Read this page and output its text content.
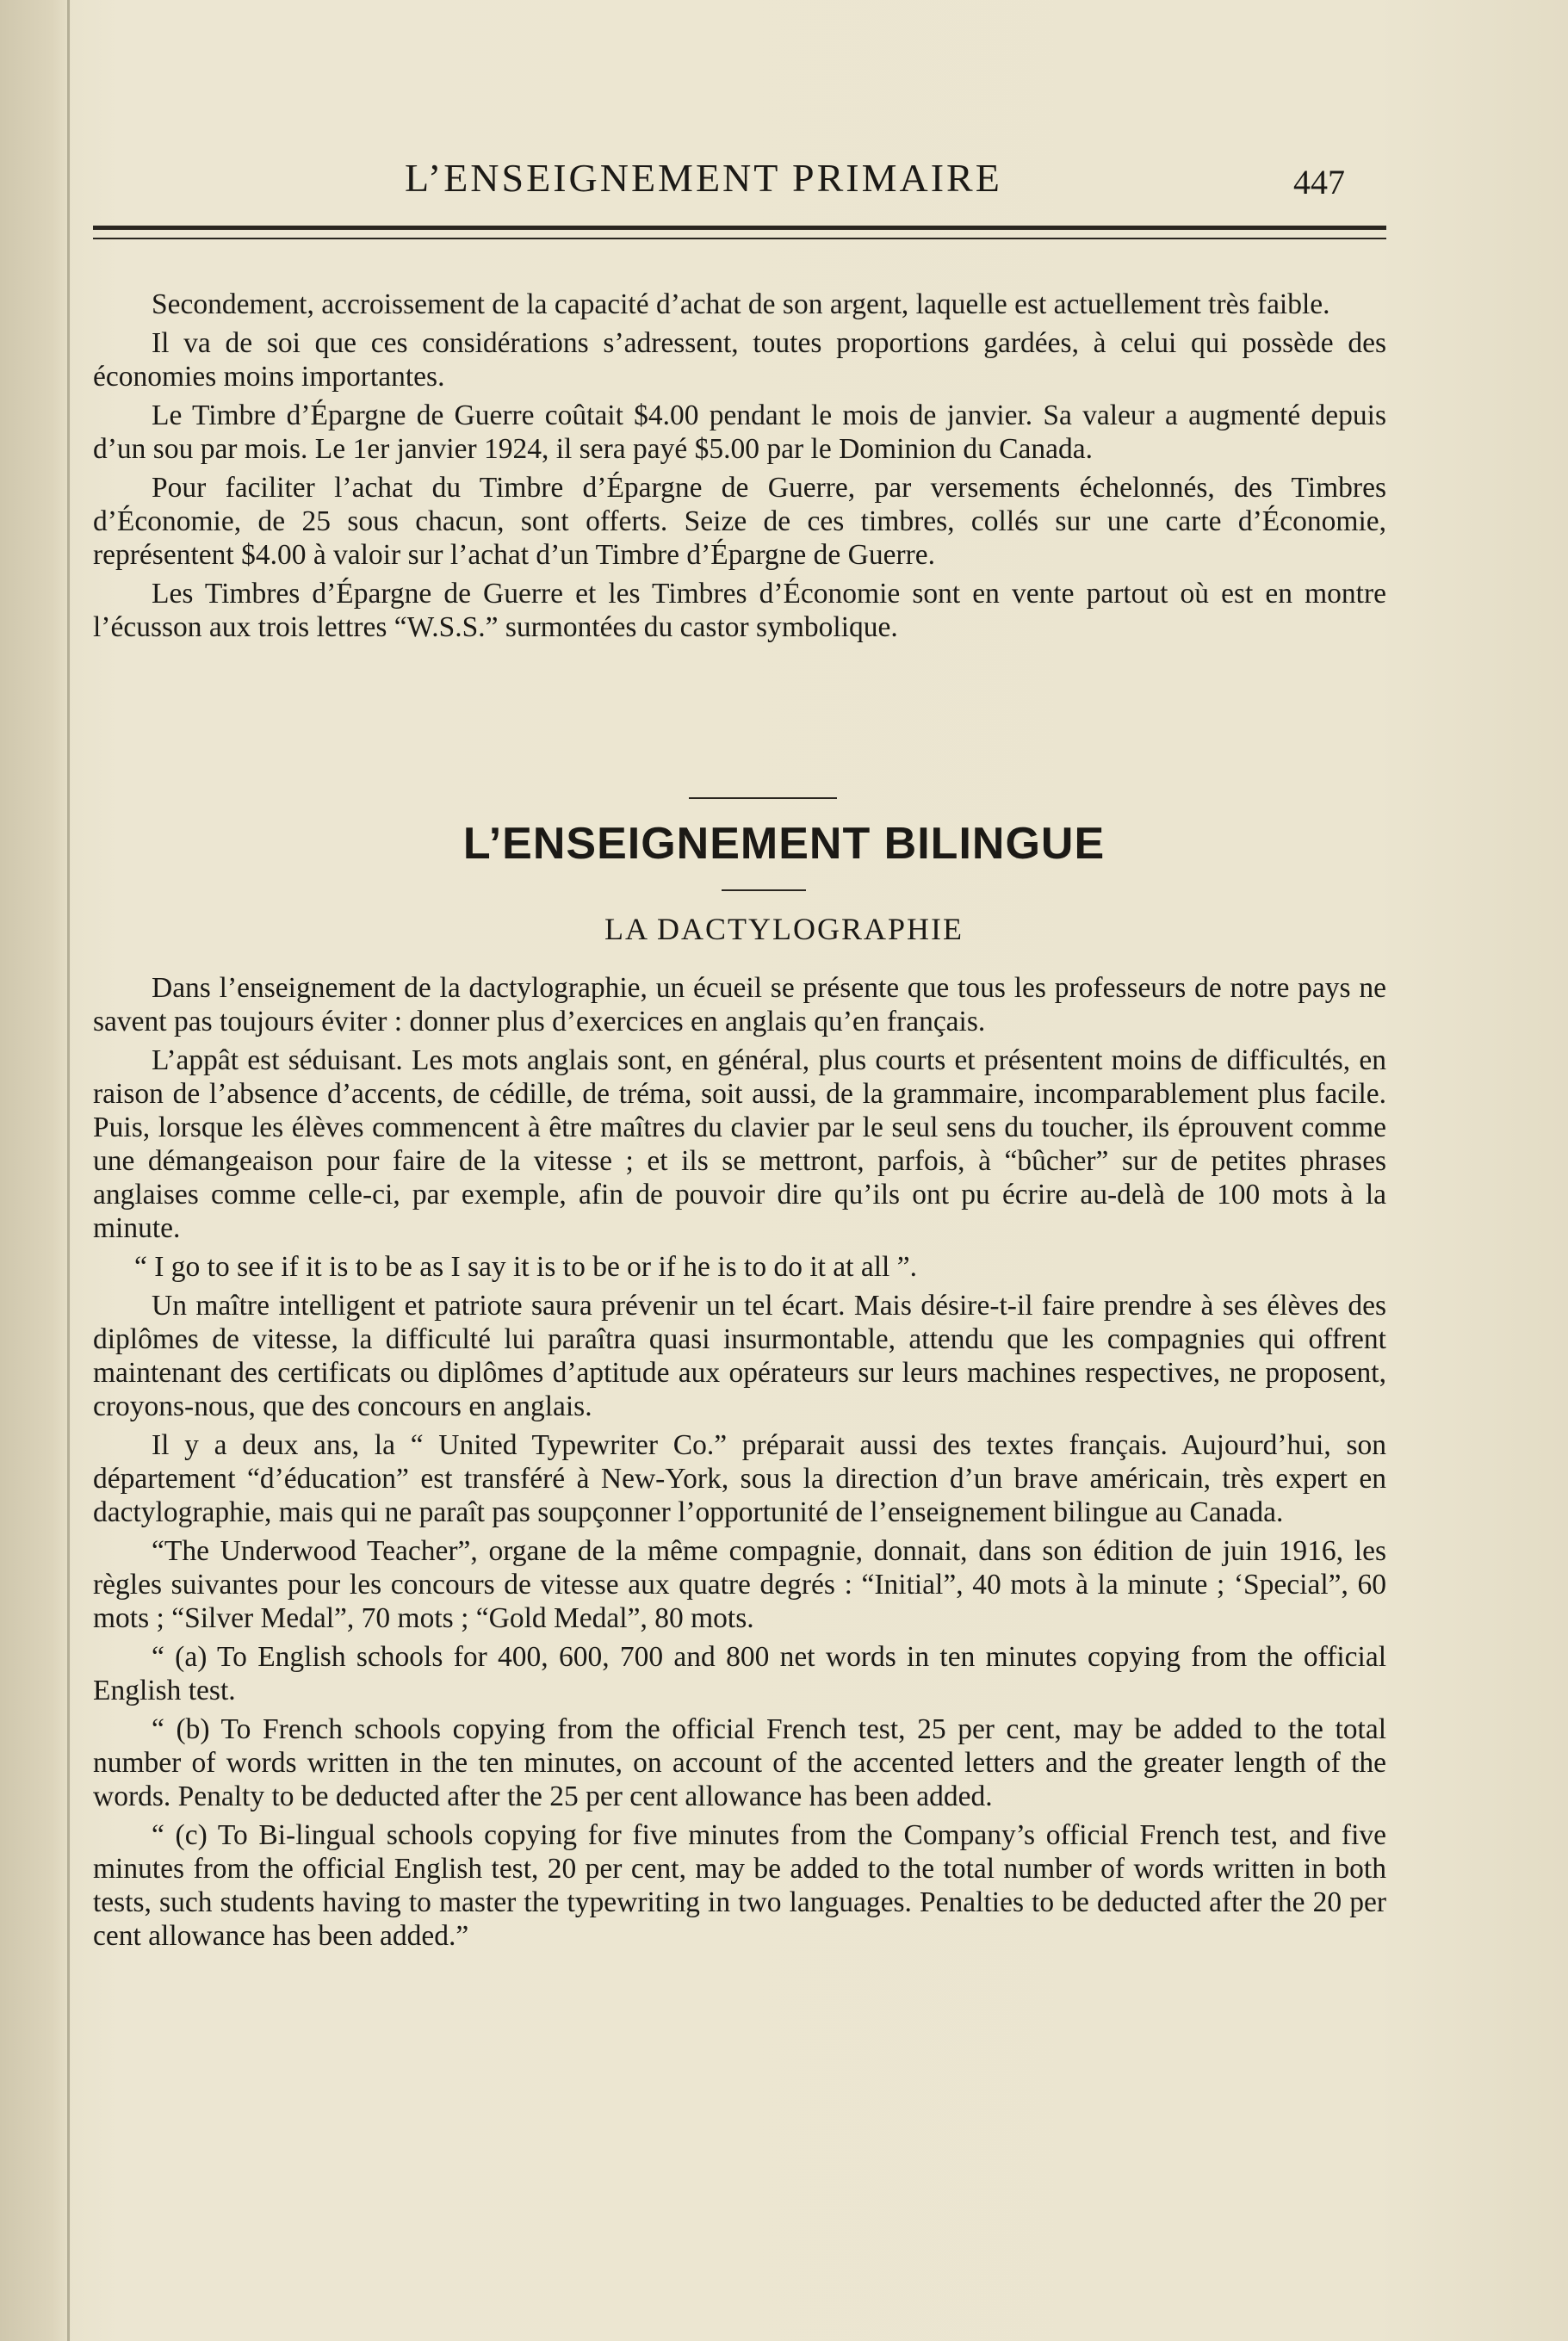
L’ENSEIGNEMENT PRIMAIRE	447

Secondement, accroissement de la capacité d’achat de son argent, laquelle est actuellement très faible.

Il va de soi que ces considérations s’adressent, toutes proportions gardées, à celui qui possède des économies moins importantes.

Le Timbre d’Épargne de Guerre coûtait $4.00 pendant le mois de janvier. Sa valeur a augmenté depuis d’un sou par mois. Le 1er janvier 1924, il sera payé $5.00 par le Dominion du Canada.

Pour faciliter l’achat du Timbre d’Épargne de Guerre, par versements échelonnés, des Timbres d’Économie, de 25 sous chacun, sont offerts. Seize de ces timbres, collés sur une carte d’Économie, représentent $4.00 à valoir sur l’achat d’un Timbre d’Épargne de Guerre.

Les Timbres d’Épargne de Guerre et les Timbres d’Économie sont en vente partout où est en montre l’écusson aux trois lettres “W.S.S.” surmontées du castor symbolique.

L’ENSEIGNEMENT BILINGUE
LA DACTYLOGRAPHIE

Dans l’enseignement de la dactylographie, un écueil se présente que tous les professeurs de notre pays ne savent pas toujours éviter : donner plus d’exercices en anglais qu’en français.

L’appât est séduisant. Les mots anglais sont, en général, plus courts et présentent moins de difficultés, en raison de l’absence d’accents, de cédille, de tréma, soit aussi, de la grammaire, incomparablement plus facile. Puis, lorsque les élèves commencent à être maîtres du clavier par le seul sens du toucher, ils éprouvent comme une démangeaison pour faire de la vitesse ; et ils se mettront, parfois, à “bûcher” sur de petites phrases anglaises comme celle-ci, par exemple, afin de pouvoir dire qu’ils ont pu écrire au-delà de 100 mots à la minute.

“ I go to see if it is to be as I say it is to be or if he is to do it at all ”.

Un maître intelligent et patriote saura prévenir un tel écart. Mais désire-t-il faire prendre à ses élèves des diplômes de vitesse, la difficulté lui paraîtra quasi insurmontable, attendu que les compagnies qui offrent maintenant des certificats ou diplômes d’aptitude aux opérateurs sur leurs machines respectives, ne proposent, croyons-nous, que des concours en anglais.

Il y a deux ans, la “ United Typewriter Co.” préparait aussi des textes français. Aujourd’hui, son département “d’éducation” est transféré à New-York, sous la direction d’un brave américain, très expert en dactylographie, mais qui ne paraît pas soupçonner l’opportunité de l’enseignement bilingue au Canada.

“The Underwood Teacher”, organe de la même compagnie, donnait, dans son édition de juin 1916, les règles suivantes pour les concours de vitesse aux quatre degrés : “Initial”, 40 mots à la minute ; ‘Special”, 60 mots ; “Silver Medal”, 70 mots ; “Gold Medal”, 80 mots.

“ (a) To English schools for 400, 600, 700 and 800 net words in ten minutes copying from the official English test.

“ (b) To French schools copying from the official French test, 25 per cent, may be added to the total number of words written in the ten minutes, on account of the accented letters and the greater length of the words. Penalty to be deducted after the 25 per cent allowance has been added.

“ (c) To Bi-lingual schools copying for five minutes from the Company’s official French test, and five minutes from the official English test, 20 per cent, may be added to the total number of words written in both tests, such students having to master the typewriting in two languages. Penalties to be deducted after the 20 per cent allowance has been added.”
